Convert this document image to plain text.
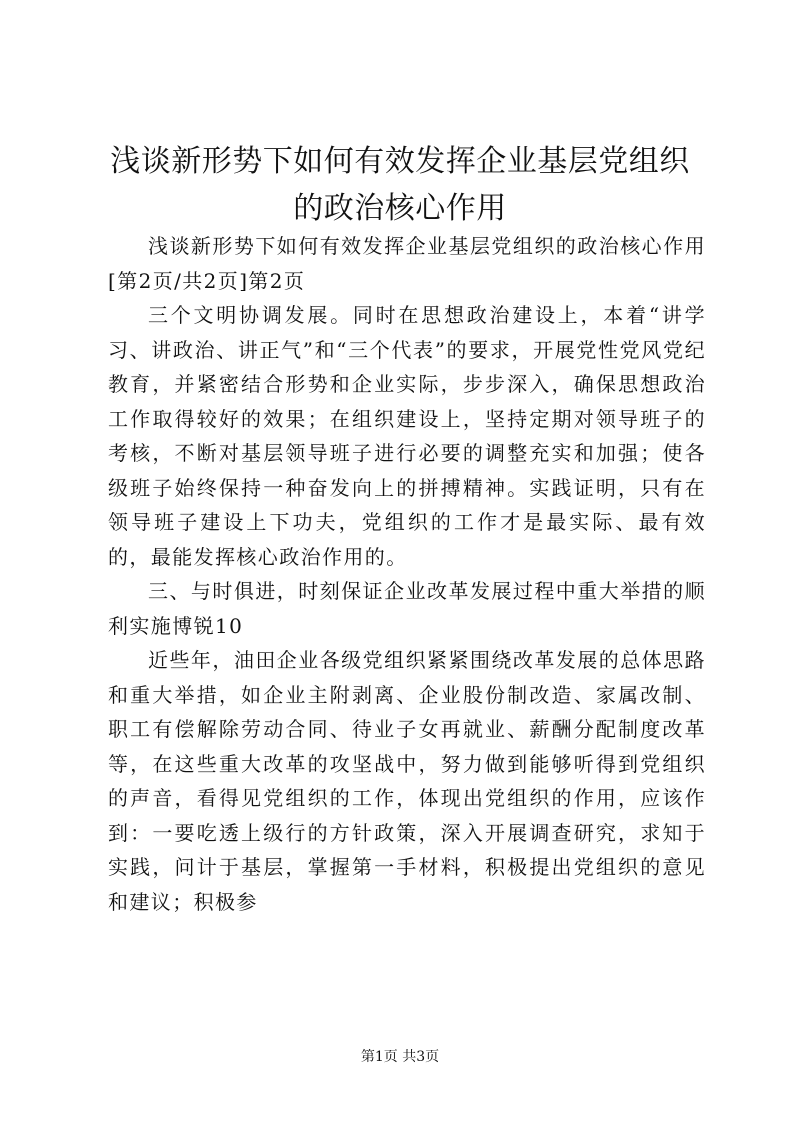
浅谈新形势下如何有效发挥企业基层党组织的政治核心作用

浅谈新形势下如何有效发挥企业基层党组织的政治核心作用[第2页/共2页]第2页

三个文明协调发展。同时在思想政治建设上，本着“讲学习、讲政治、讲正气”和“三个代表”的要求，开展党性党风党纪教育，并紧密结合形势和企业实际，步步深入，确保思想政治工作取得较好的效果；在组织建设上，坚持定期对领导班子的考核，不断对基层领导班子进行必要的调整充实和加强；使各级班子始终保持一种奋发向上的拼搏精神。实践证明，只有在领导班子建设上下功夫，党组织的工作才是最实际、最有效的，最能发挥核心政治作用的。

三、与时俱进，时刻保证企业改革发展过程中重大举措的顺利实施博锐10

近些年，油田企业各级党组织紧紧围绕改革发展的总体思路和重大举措，如企业主附剥离、企业股份制改造、家属改制、职工有偿解除劳动合同、待业子女再就业、薪酬分配制度改革等，在这些重大改革的攻坚战中，努力做到能够听得到党组织的声音，看得见党组织的工作，体现出党组织的作用，应该作到：一要吃透上级行的方针政策，深入开展调查研究，求知于实践，问计于基层，掌握第一手材料，积极提出党组织的意见和建议；积极参

第1页 共3页
